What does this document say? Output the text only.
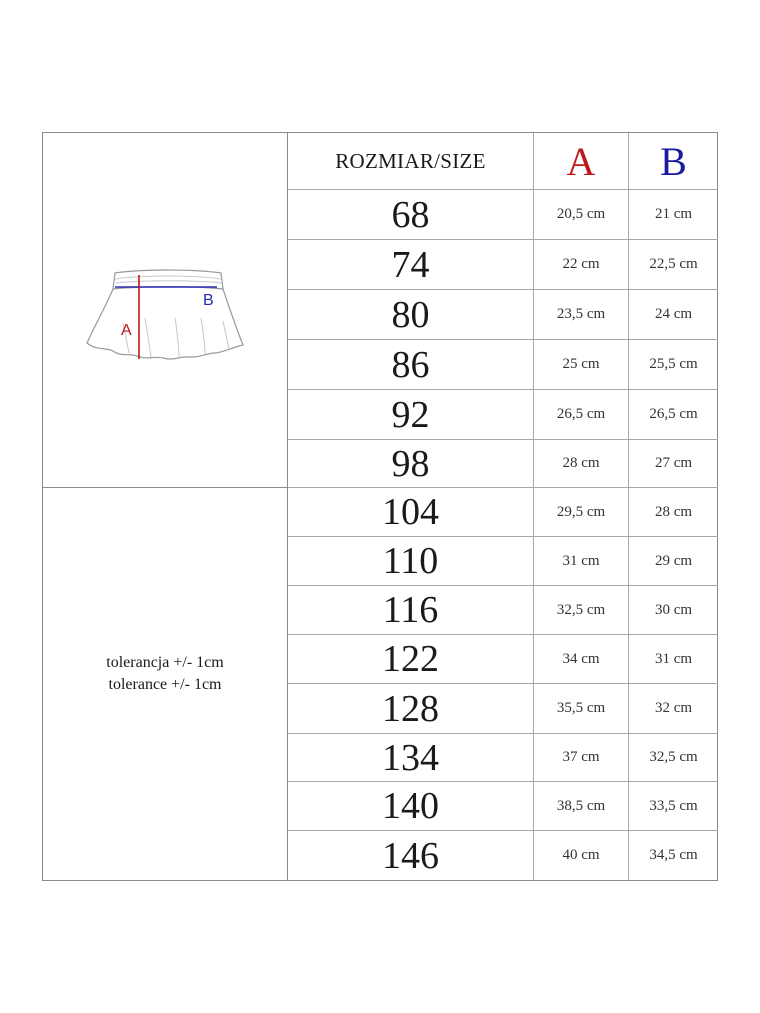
B
A
tolerancja +/- 1cm
tolerance +/- 1cm
ROZMIAR/SIZE A B
68	20,5 cm	21 cm
74	22 cm	22,5 cm
80	23,5 cm	24 cm
86	25 cm	25,5 cm
92	26,5 cm	26,5 cm
98	28 cm	27 cm
104	29,5 cm	28 cm
110	31 cm	29 cm
116	32,5 cm	30 cm
122	34 cm	31 cm
128	35,5 cm	32 cm
134	37 cm	32,5 cm
140	38,5 cm	33,5 cm
146	40 cm	34,5 cm
